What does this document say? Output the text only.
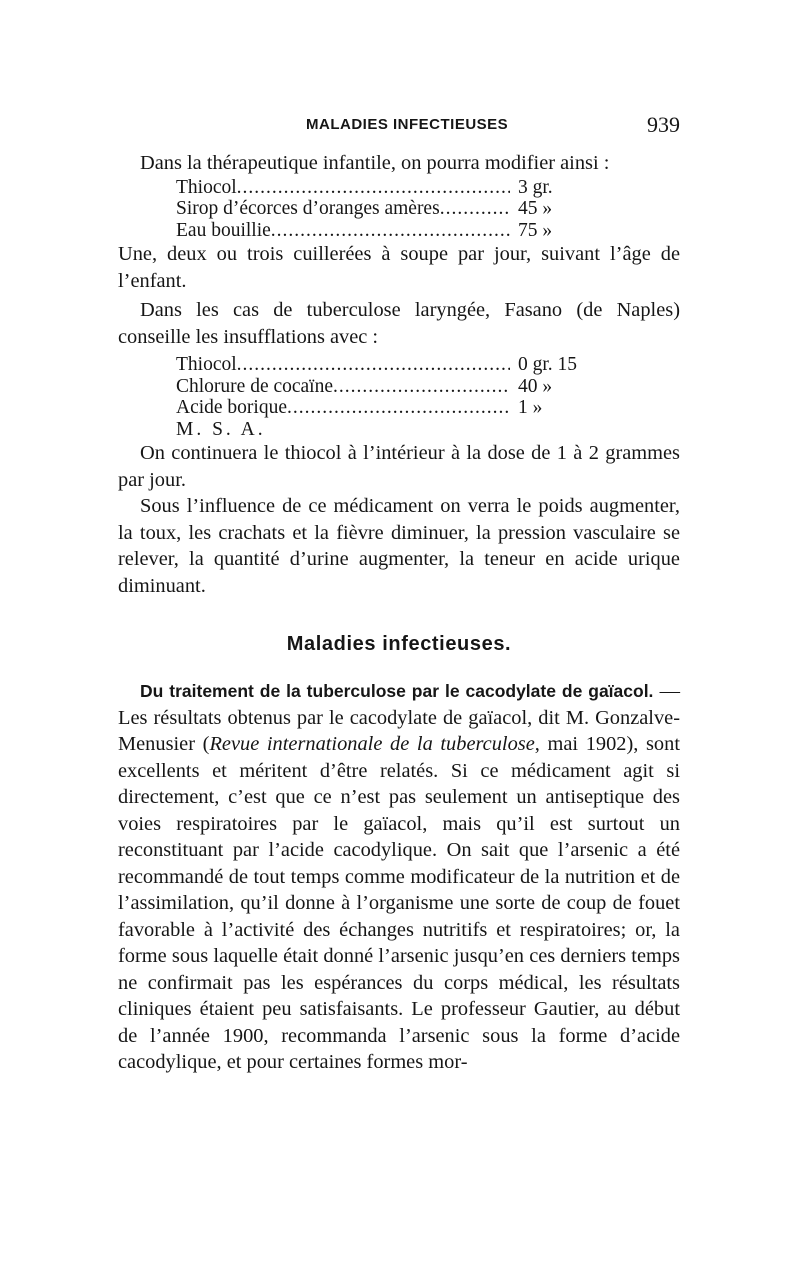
MALADIES INFECTIEUSES	939

Dans la thérapeutique infantile, on pourra modifier ainsi :

Thiocol .....	3 gr.
Sirop d’écorces d’oranges amères .....	45 »
Eau bouillie .....	75 »

Une, deux ou trois cuillerées à soupe par jour, suivant l’âge de l’enfant.

Dans les cas de tuberculose laryngée, Fasano (de Naples) conseille les insufflations avec :

Thiocol .....	0 gr. 15
Chlorure de cocaïne .....	40 »
Acide borique .....	1 »
M. S. A.

On continuera le thiocol à l’intérieur à la dose de 1 à 2 grammes par jour.

Sous l’influence de ce médicament on verra le poids augmenter, la toux, les crachats et la fièvre diminuer, la pression vasculaire se relever, la quantité d’urine augmenter, la teneur en acide urique diminuant.

Maladies infectieuses.

Du traitement de la tuberculose par le cacodylate de gaïacol. — Les résultats obtenus par le cacodylate de gaïacol, dit M. Gonzalve-Menusier (Revue internationale de la tuberculose, mai 1902), sont excellents et méritent d’être relatés. Si ce médicament agit si directement, c’est que ce n’est pas seulement un antiseptique des voies respiratoires par le gaïacol, mais qu’il est surtout un reconstituant par l’acide cacodylique. On sait que l’arsenic a été recommandé de tout temps comme modificateur de la nutrition et de l’assimilation, qu’il donne à l’organisme une sorte de coup de fouet favorable à l’activité des échanges nutritifs et respiratoires; or, la forme sous laquelle était donné l’arsenic jusqu’en ces derniers temps ne confirmait pas les espérances du corps médical, les résultats cliniques étaient peu satisfaisants. Le professeur Gautier, au début de l’année 1900, recommanda l’arsenic sous la forme d’acide cacodylique, et pour certaines formes mor-
